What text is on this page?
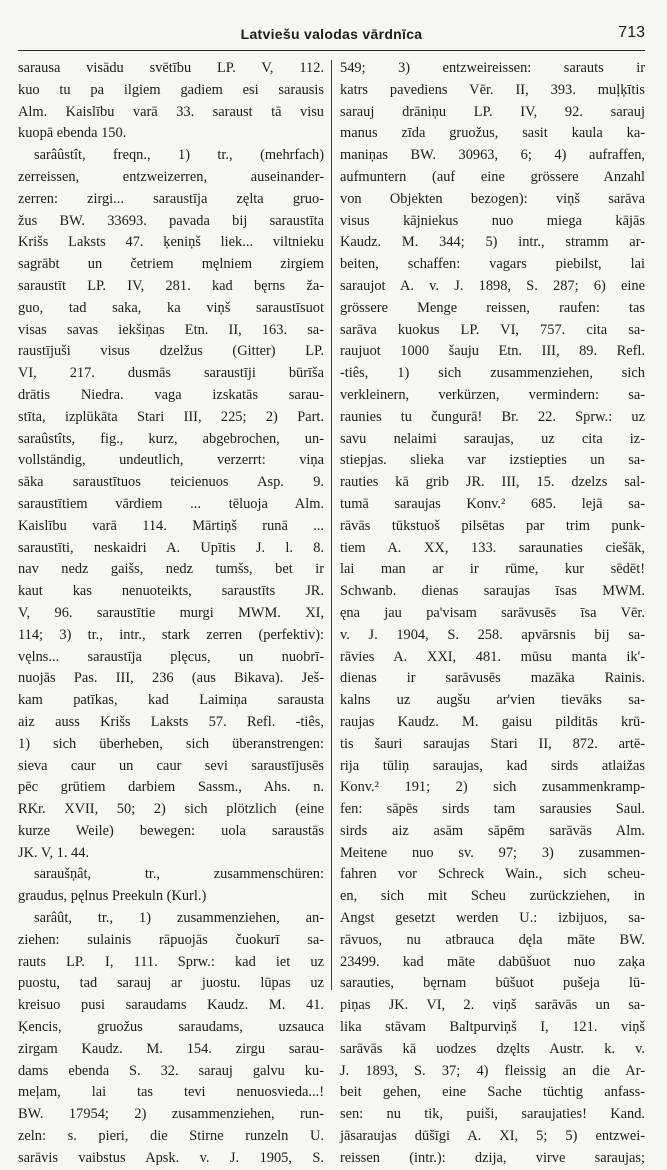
Latviešu valodas vārdnīca	713
sarausa visādu svētību LP. V, 112.
kuo tu pa ilgiem gadiem esi sarausis
Alm. Kaislību varā 33. saraust tā visu
kuopā ebenda 150.
sarâûstît, freqn., 1) tr., (mehrfach)
zerreissen, entzweizerren, auseinander-
zerren: zirgi... saraustīja zęlta gruo-
žus BW. 33693. pavada bij saraustīta
Krišs Laksts 47. ķeniņš liek... viltnieku
sagrābt un četriem męlniem zirgiem
saraustīt LP. IV, 281. kad bęrns ža-
guo, tad saka, ka viņš saraustīsuot
visas savas iekšiņas Etn. II, 163. sa-
raustījuši visus dzelžus (Gitter) LP.
VI, 217. dusmās saraustīji būrīša
drātis Niedra. vaga izskatās sarau-
stīta, izplūkāta Stari III, 225; 2) Part.
saraûstîts, fig., kurz, abgebrochen, un-
vollständig, undeutlich, verzerrt: viņa
sāka saraustītuos teicienuos Asp. 9.
saraustītiem vārdiem ... tēluoja Alm.
Kaislību varā 114. Mārtiņš runā ...
saraustīti, neskaidri A. Upītis J. l. 8.
nav nedz gaišs, nedz tumšs, bet ir
kaut kas nenuoteikts, saraustīts JR.
V, 96. saraustītie murgi MWM. XI,
114; 3) tr., intr., stark zerren (perfektiv):
vęlns... saraustīja plęcus, un nuobrī-
nuojās Pas. III, 236 (aus Bikava). Ješ-
kam patīkas, kad Laimiņa sarausta
aiz auss Krišs Laksts 57. Refl. -tiês,
1) sich überheben, sich überanstrengen:
sieva caur un caur sevi saraustījusēs
pēc grūtiem darbiem Sassm., Ahs. n.
RKr. XVII, 50; 2) sich plötzlich (eine
kurze Weile) bewegen: uola saraustās
JK. V, 1. 44.
saraušņât, tr., zusammenschüren:
graudus, pęlnus Preekuln (Kurl.)
sarâût, tr., 1) zusammenziehen, an-
ziehen: sulainis rāpuojās čuokurī sa-
rauts LP. I, 111. Sprw.: kad iet uz
puostu, tad sarauj ar juostu. lūpas uz
kreisuo pusi saraudams Kaudz. M. 41.
Ķencis, gruožus saraudams, uzsauca
zirgam Kaudz. M. 154. zirgu sarau-
dams ebenda S. 32. sarauj galvu ku-
meļam, lai tas tevi nenuosvieda...!
BW. 17954; 2) zusammenziehen, run-
zeln: s. pieri, die Stirne runzeln U.
sarāvis vaibstus Apsk. v. J. 1905, S.
549; 3) entzweireissen: sarauts ir
katrs pavediens Vēr. II, 393. muļķītis
sarauj drāniņu LP. IV, 92. sarauj
manus zīda gruožus, sasit kaula ka-
maniņas BW. 30963, 6; 4) aufraffen,
aufmuntern (auf eine grössere Anzahl
von Objekten bezogen): viņš sarāva
visus kājniekus nuo miega kājās
Kaudz. M. 344; 5) intr., stramm ar-
beiten, schaffen: vagars piebilst, lai
saraujot A. v. J. 1898, S. 287; 6) eine
grössere Menge reissen, raufen: tas
sarāva kuokus LP. VI, 757. cita sa-
raujuot 1000 šauju Etn. III, 89. Refl.
-tiês, 1) sich zusammenziehen, sich
verkleinern, verkürzen, vermindern: sa-
raunies tu čungurā! Br. 22. Sprw.: uz
savu nelaimi saraujas, uz cita iz-
stiepjas. slieka var izstiepties un sa-
rauties kā grib JR. III, 15. dzelzs sal-
tumā saraujas Konv.² 685. lejā sa-
rāvās tūkstuoš pilsētas par trim punk-
tiem A. XX, 133. saraunaties ciešāk,
lai man ar ir rūme, kur sēdēt!
Schwanb. dienas saraujas īsas MWM.
ęna jau pa'visam sarāvusēs īsa Vēr.
v. J. 1904, S. 258. apvārsnis bij sa-
rāvies A. XXI, 481. mūsu manta ik'-
dienas ir sarāvusēs mazāka Rainis.
kalns uz augšu ar'vien tievāks sa-
raujas Kaudz. M. gaisu pilditās krū-
tis šauri saraujas Stari II, 872. artē-
rija tūliņ saraujas, kad sirds atlaižas
Konv.² 191; 2) sich zusammenkramp-
fen: sāpēs sirds tam sarausies Saul.
sirds aiz asām sāpēm sarāvās Alm.
Meitene nuo sv. 97; 3) zusammen-
fahren vor Schreck Wain., sich scheu-
en, sich mit Scheu zurückziehen, in
Angst gesetzt werden U.: izbijuos, sa-
rāvuos, nu atbrauca dęla māte BW.
23499. kad māte dabūšuot nuo zaķa
sarauties, bęrnam būšuot pušeja lū-
piņas JK. VI, 2. viņš sarāvās un sa-
lika stāvam Baltpurviņš I, 121. viņš
sarāvās kā uodzes dzęlts Austr. k. v.
J. 1893, S. 37; 4) fleissig an die Ar-
beit gehen, eine Sache tüchtig anfass-
sen: nu tik, puiši, saraujaties! Kand.
jāsaraujas dūšīgi A. XI, 5; 5) entzwei-
reissen (intr.): dzija, virve saraujas;
